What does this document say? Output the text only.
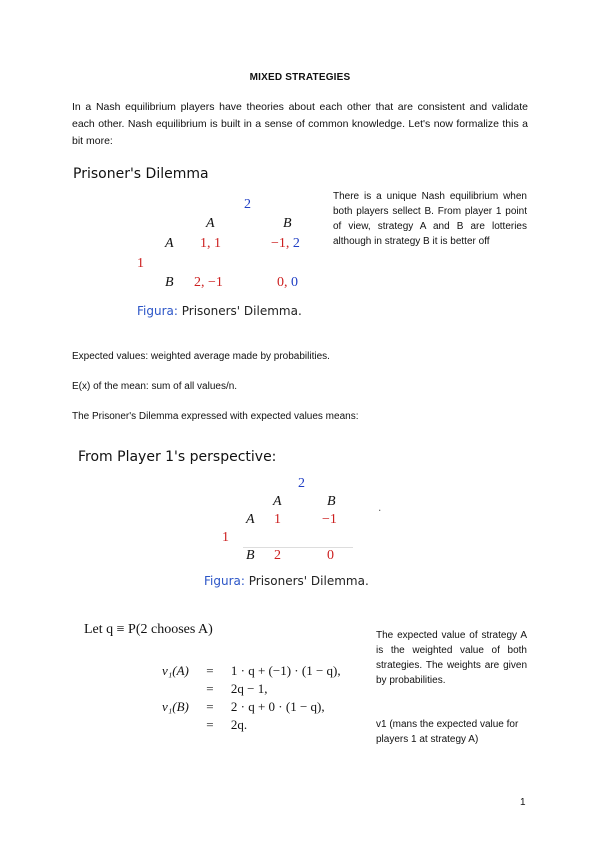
MIXED STRATEGIES
In a Nash equilibrium players have theories about each other that are consistent and validate each other. Nash equilibrium is built in a sense of common knowledge. Let's now formalize this a bit more:
Prisoner's Dilemma
2
A	B
A 1, 1	−1, 2
1
B 2, −1	0, 0
Figura: Prisoners' Dilemma.
There is a unique Nash equilibrium when both players sellect B. From player 1 point of view, strategy A and B are lotteries although in strategy B it is better off
Expected values: weighted average made by probabilities.
E(x) of the mean: sum of all values/n.
The Prisoner's Dilemma expressed with expected values means:
From Player 1's perspective:
2
A	B	.
A 1	−1
1
B 2	0
Figura: Prisoners' Dilemma.
Let q ≡ P(2 chooses A)
v₁(A)	=	1 · q + (−1) · (1 − q),
	=	2q − 1,
v₁(B)	=	2 · q + 0 · (1 − q),
	=	2q.
The expected value of strategy A is the weighted value of both strategies. The weights are given by probabilities.
v1 (mans the expected value for players 1 at strategy A)
1
